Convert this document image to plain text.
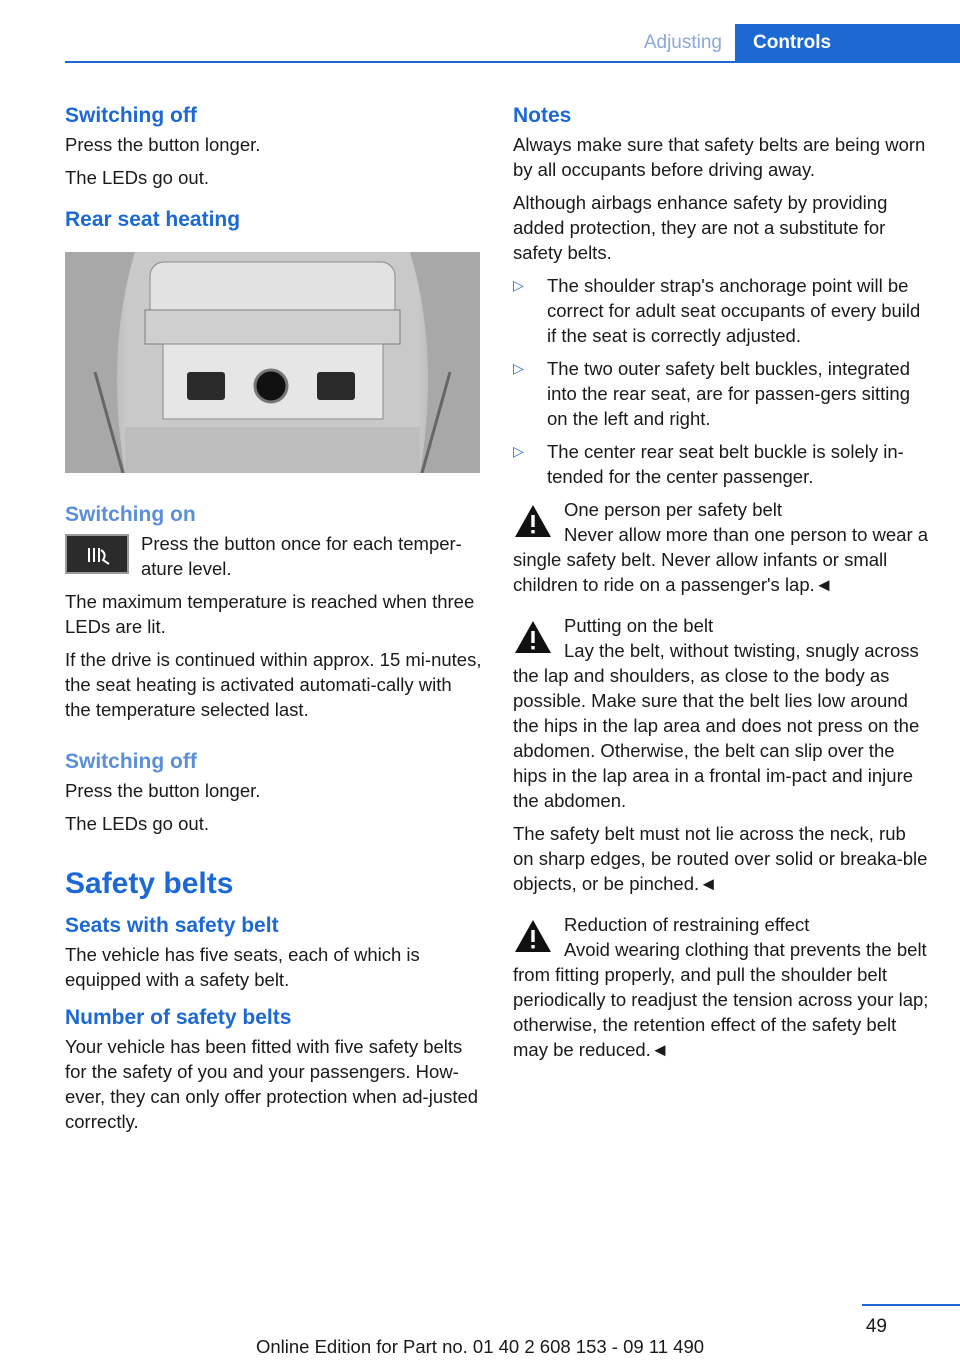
Adjusting	Controls
Switching off

Press the button longer.

The LEDs go out.

Rear seat heating
Switching on
Press the button once for each temper‐ature level.

The maximum temperature is reached when three LEDs are lit.

If the drive is continued within approx. 15 mi‐nutes, the seat heating is activated automati‐cally with the temperature selected last.

Switching off

Press the button longer.

The LEDs go out.

Safety belts
Seats with safety belt

The vehicle has five seats, each of which is equipped with a safety belt.

Number of safety belts

Your vehicle has been fitted with five safety belts for the safety of you and your passengers. How‐ever, they can only offer protection when ad‐justed correctly.

Notes

Always make sure that safety belts are being worn by all occupants before driving away.

Although airbags enhance safety by providing added protection, they are not a substitute for safety belts.

▷ The shoulder strap's anchorage point will be correct for adult seat occupants of every build if the seat is correctly adjusted.
▷ The two outer safety belt buckles, integrated into the rear seat, are for passen‐gers sitting on the left and right.
▷ The center rear seat belt buckle is solely in‐tended for the center passenger.

One person per safety belt

Never allow more than one person to wear a single safety belt. Never allow infants or small children to ride on a passenger's lap.◄

Putting on the belt

Lay the belt, without twisting, snugly across the lap and shoulders, as close to the body as possible. Make sure that the belt lies low around the hips in the lap area and does not press on the abdomen. Otherwise, the belt can slip over the hips in the lap area in a frontal im‐pact and injure the abdomen.

The safety belt must not lie across the neck, rub on sharp edges, be routed over solid or breaka‐ble objects, or be pinched.◄

Reduction of restraining effect

Avoid wearing clothing that prevents the belt from fitting properly, and pull the shoulder belt periodically to readjust the tension across your lap; otherwise, the retention effect of the safety belt may be reduced.◄

49
Online Edition for Part no. 01 40 2 608 153 - 09 11 490
